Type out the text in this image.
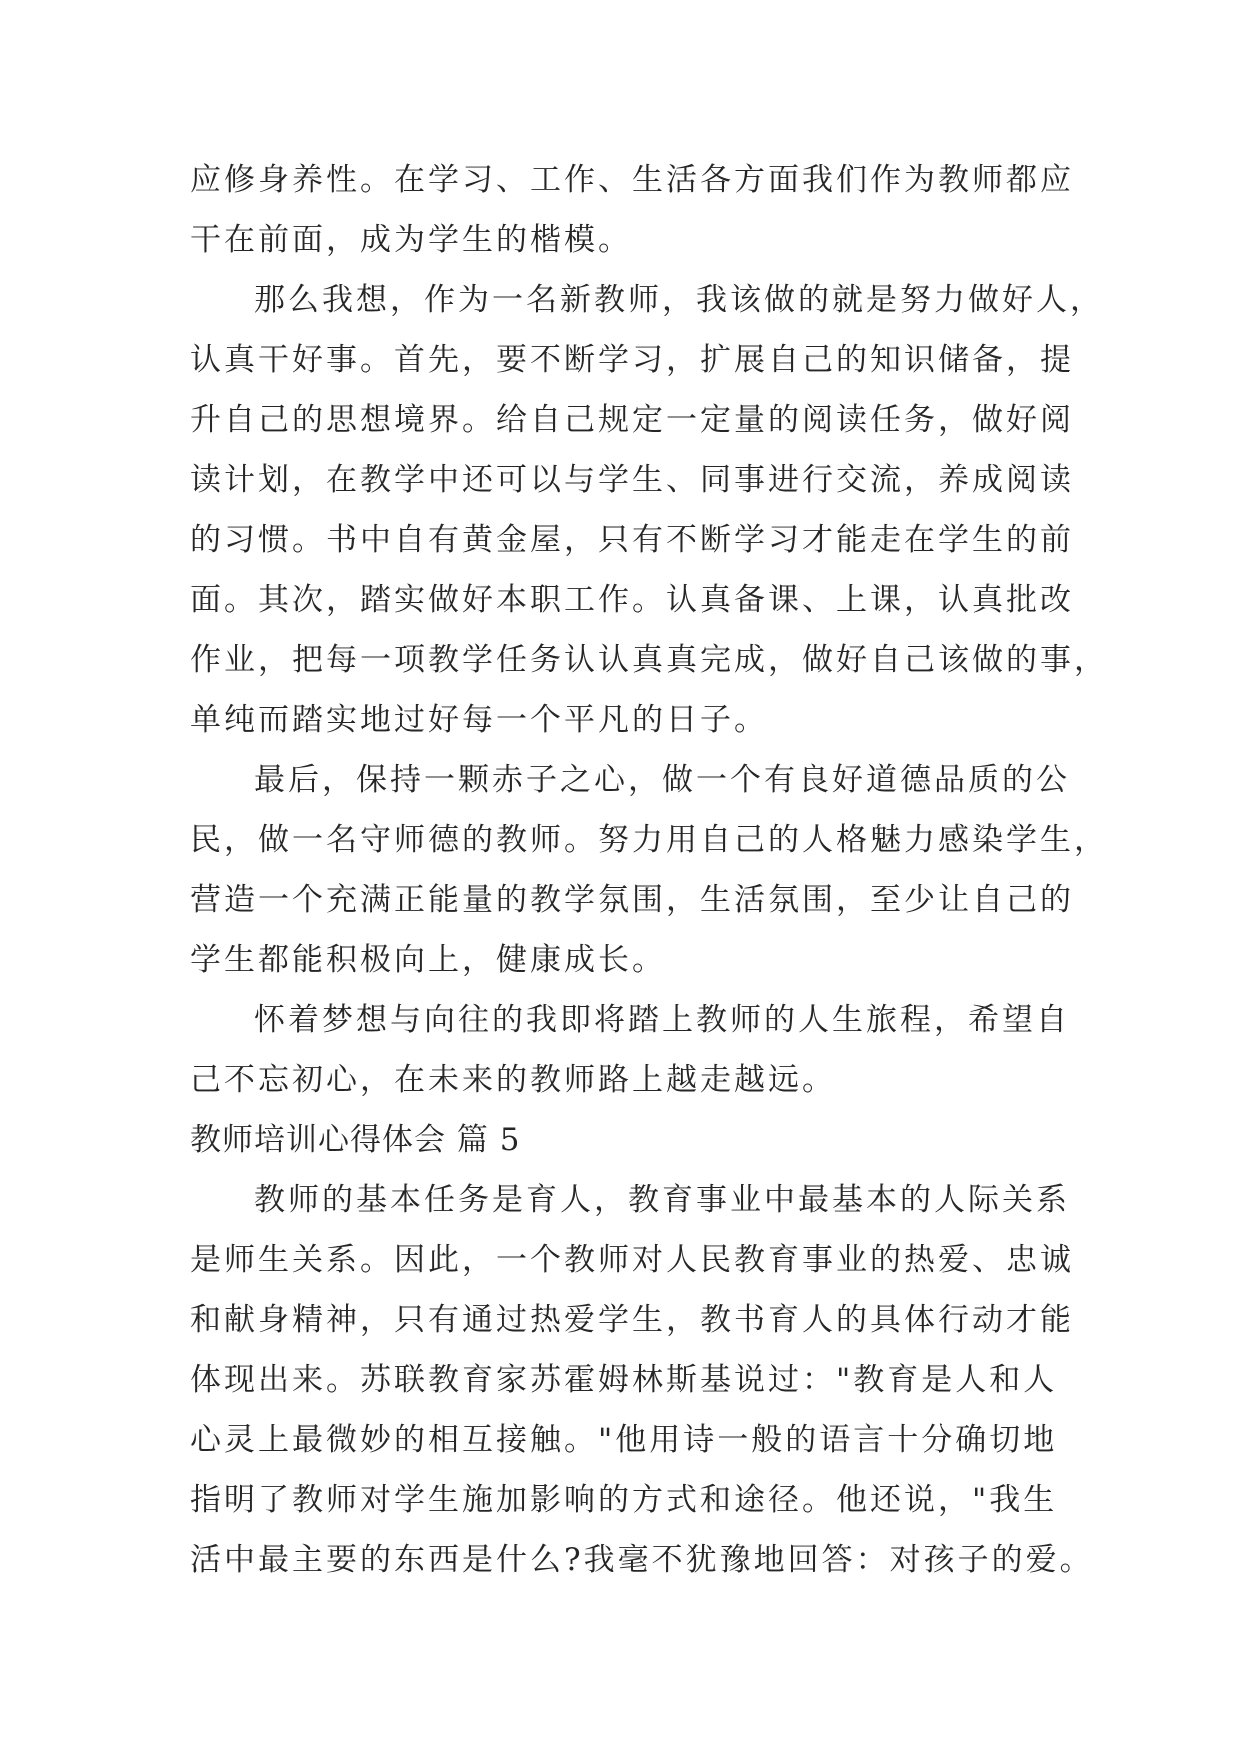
应修身养性。在学习、工作、生活各方面我们作为教师都应
干在前面，成为学生的楷模。
那么我想，作为一名新教师，我该做的就是努力做好人，
认真干好事。首先，要不断学习，扩展自己的知识储备，提
升自己的思想境界。给自己规定一定量的阅读任务，做好阅
读计划，在教学中还可以与学生、同事进行交流，养成阅读
的习惯。书中自有黄金屋，只有不断学习才能走在学生的前
面。其次，踏实做好本职工作。认真备课、上课，认真批改
作业，把每一项教学任务认认真真完成，做好自己该做的事，
单纯而踏实地过好每一个平凡的日子。
最后，保持一颗赤子之心，做一个有良好道德品质的公
民，做一名守师德的教师。努力用自己的人格魅力感染学生，
营造一个充满正能量的教学氛围，生活氛围，至少让自己的
学生都能积极向上，健康成长。
怀着梦想与向往的我即将踏上教师的人生旅程，希望自
己不忘初心，在未来的教师路上越走越远。
教师培训心得体会 篇 5
教师的基本任务是育人，教育事业中最基本的人际关系
是师生关系。因此，一个教师对人民教育事业的热爱、忠诚
和献身精神，只有通过热爱学生，教书育人的具体行动才能
体现出来。苏联教育家苏霍姆林斯基说过："教育是人和人
心灵上最微妙的相互接触。"他用诗一般的语言十分确切地
指明了教师对学生施加影响的方式和途径。他还说，"我生
活中最主要的东西是什么?我毫不犹豫地回答：对孩子的爱。
